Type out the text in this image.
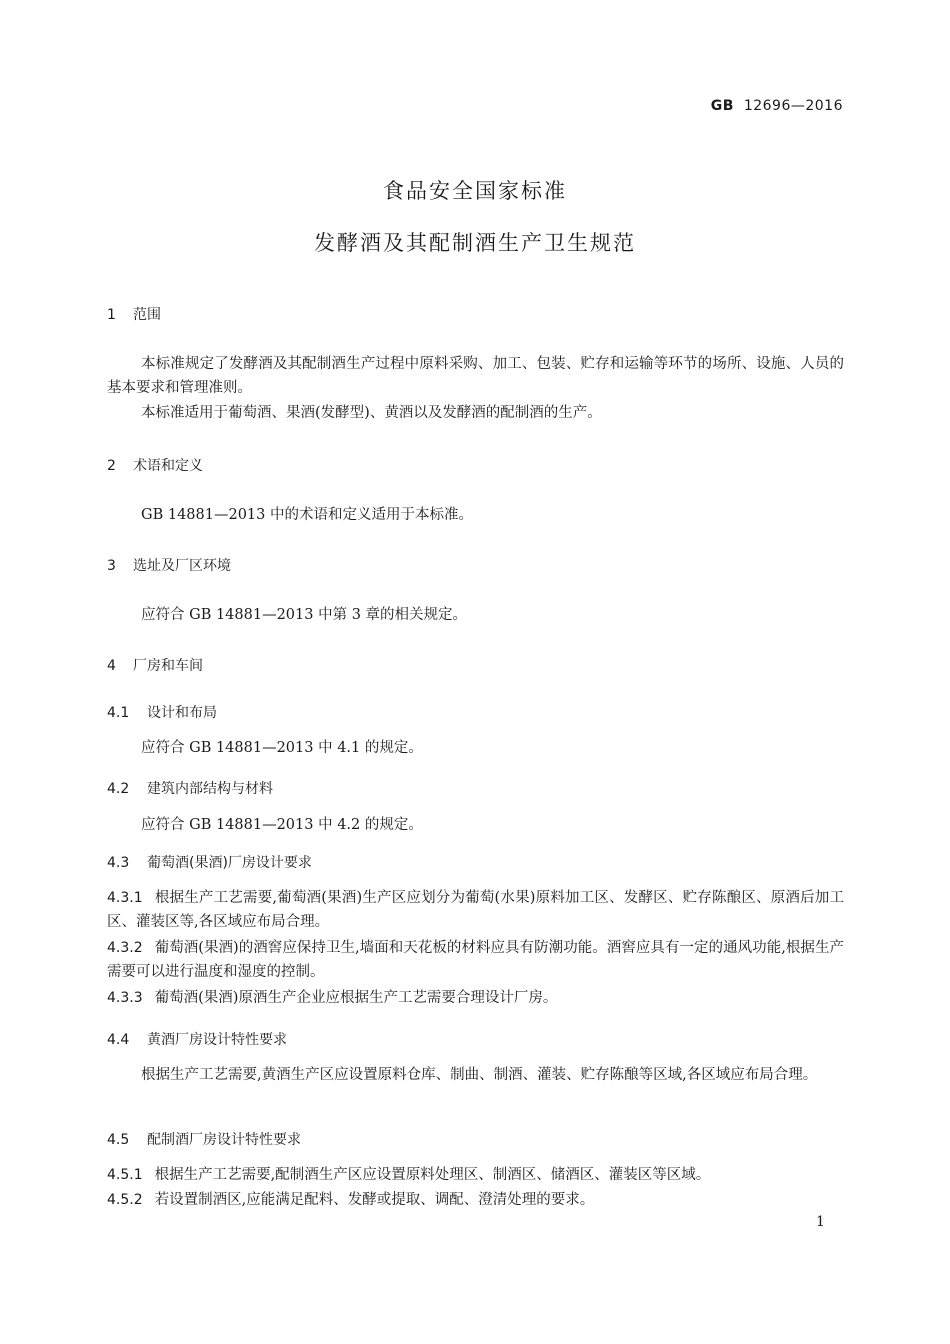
GB 12696—2016
食品安全国家标准
发酵酒及其配制酒生产卫生规范
1 范围
本标准规定了发酵酒及其配制酒生产过程中原料采购、加工、包装、贮存和运输等环节的场所、设施、人员的基本要求和管理准则。
本标准适用于葡萄酒、果酒(发酵型)、黄酒以及发酵酒的配制酒的生产。
2 术语和定义
GB 14881—2013 中的术语和定义适用于本标准。
3 选址及厂区环境
应符合 GB 14881—2013 中第 3 章的相关规定。
4 厂房和车间
4.1 设计和布局
应符合 GB 14881—2013 中 4.1 的规定。
4.2 建筑内部结构与材料
应符合 GB 14881—2013 中 4.2 的规定。
4.3 葡萄酒(果酒)厂房设计要求
4.3.1 根据生产工艺需要,葡萄酒(果酒)生产区应划分为葡萄(水果)原料加工区、发酵区、贮存陈酿区、原酒后加工区、灌装区等,各区域应布局合理。
4.3.2 葡萄酒(果酒)的酒窖应保持卫生,墙面和天花板的材料应具有防潮功能。酒窖应具有一定的通风功能,根据生产需要可以进行温度和湿度的控制。
4.3.3 葡萄酒(果酒)原酒生产企业应根据生产工艺需要合理设计厂房。
4.4 黄酒厂房设计特性要求
根据生产工艺需要,黄酒生产区应设置原料仓库、制曲、制酒、灌装、贮存陈酿等区域,各区域应布局合理。
4.5 配制酒厂房设计特性要求
4.5.1 根据生产工艺需要,配制酒生产区应设置原料处理区、制酒区、储酒区、灌装区等区域。
4.5.2 若设置制酒区,应能满足配料、发酵或提取、调配、澄清处理的要求。
1
